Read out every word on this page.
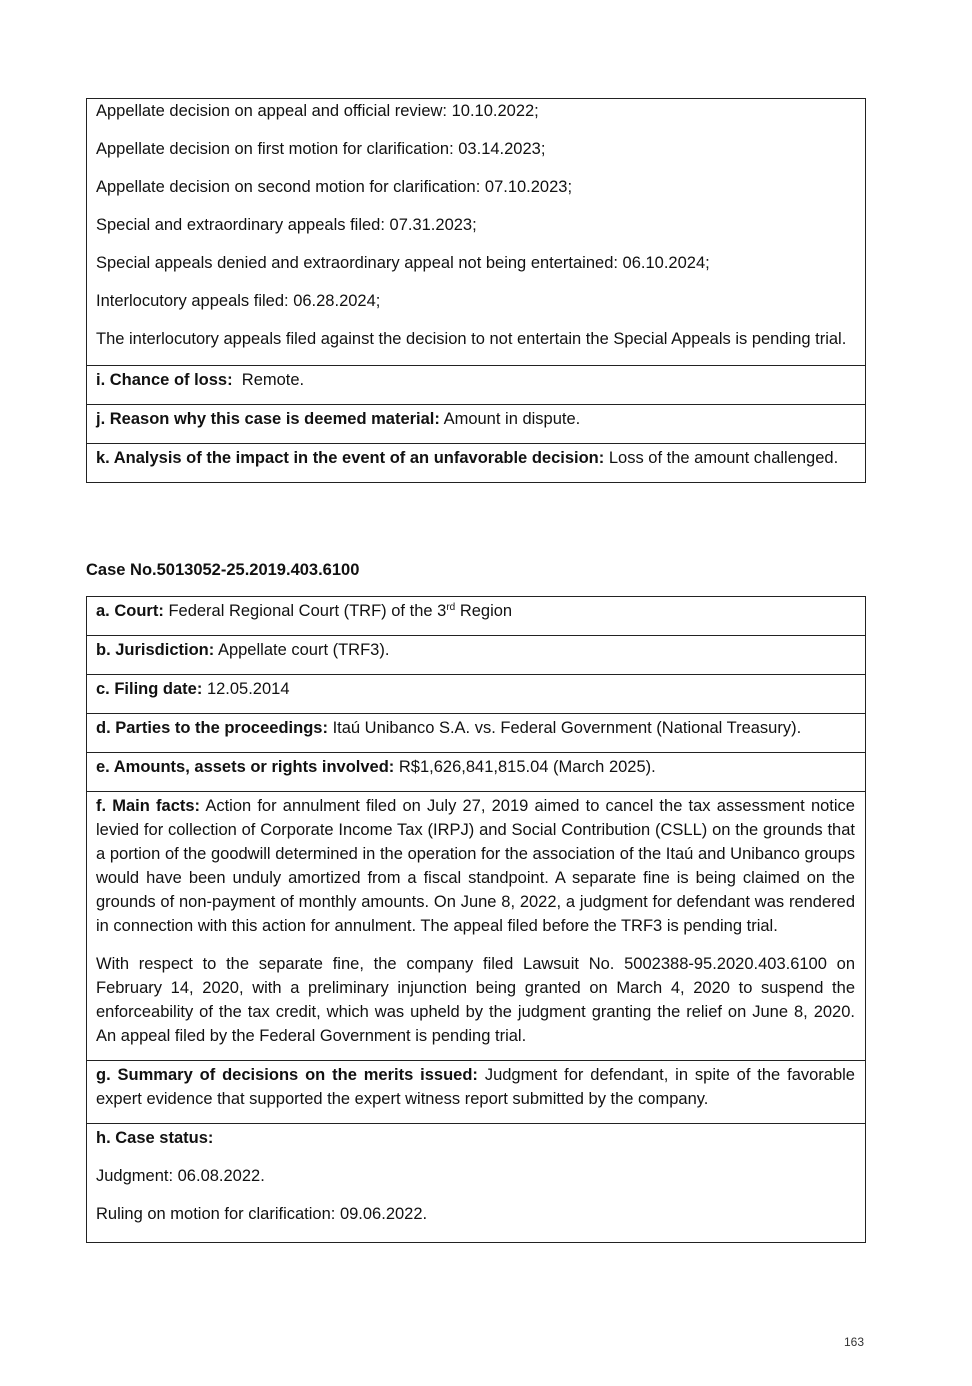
Appellate decision on appeal and official review: 10.10.2022;

Appellate decision on first motion for clarification: 03.14.2023;

Appellate decision on second motion for clarification: 07.10.2023;

Special and extraordinary appeals filed: 07.31.2023;

Special appeals denied and extraordinary appeal not being entertained: 06.10.2024;

Interlocutory appeals filed: 06.28.2024;

The interlocutory appeals filed against the decision to not entertain the Special Appeals is pending trial.

i. Chance of loss: Remote.

j. Reason why this case is deemed material: Amount in dispute.

k. Analysis of the impact in the event of an unfavorable decision: Loss of the amount challenged.

Case No.5013052-25.2019.403.6100

a. Court: Federal Regional Court (TRF) of the 3rd Region

b. Jurisdiction: Appellate court (TRF3).

c. Filing date: 12.05.2014

d. Parties to the proceedings: Itaú Unibanco S.A. vs. Federal Government (National Treasury).

e. Amounts, assets or rights involved: R$1,626,841,815.04 (March 2025).

f. Main facts: Action for annulment filed on July 27, 2019 aimed to cancel the tax assessment notice levied for collection of Corporate Income Tax (IRPJ) and Social Contribution (CSLL) on the grounds that a portion of the goodwill determined in the operation for the association of the Itaú and Unibanco groups would have been unduly amortized from a fiscal standpoint. A separate fine is being claimed on the grounds of non-payment of monthly amounts. On June 8, 2022, a judgment for defendant was rendered in connection with this action for annulment. The appeal filed before the TRF3 is pending trial.

With respect to the separate fine, the company filed Lawsuit No. 5002388-95.2020.403.6100 on February 14, 2020, with a preliminary injunction being granted on March 4, 2020 to suspend the enforceability of the tax credit, which was upheld by the judgment granting the relief on June 8, 2020. An appeal filed by the Federal Government is pending trial.

g. Summary of decisions on the merits issued: Judgment for defendant, in spite of the favorable expert evidence that supported the expert witness report submitted by the company.

h. Case status:

Judgment: 06.08.2022.

Ruling on motion for clarification: 09.06.2022.

163
